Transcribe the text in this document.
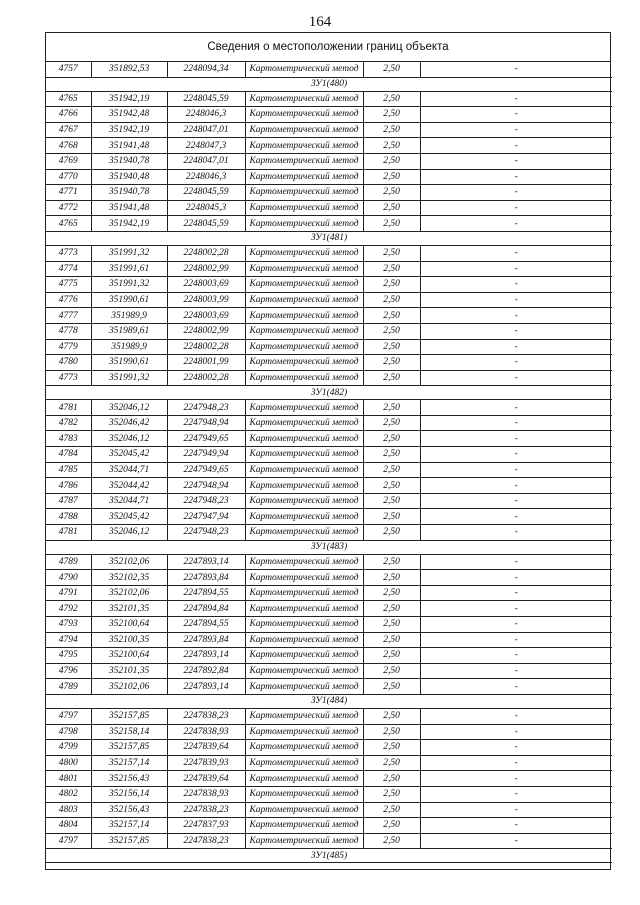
164
Сведения о местоположении границ объекта
4757	351892,53	2248094,34	Картометрический метод	2,50	-
ЗУ1(480)					
4765	351942,19	2248045,59	Картометрический метод	2,50	-
4766	351942,48	2248046,3	Картометрический метод	2,50	-
4767	351942,19	2248047,01	Картометрический метод	2,50	-
4768	351941,48	2248047,3	Картометрический метод	2,50	-
4769	351940,78	2248047,01	Картометрический метод	2,50	-
4770	351940,48	2248046,3	Картометрический метод	2,50	-
4771	351940,78	2248045,59	Картометрический метод	2,50	-
4772	351941,48	2248045,3	Картометрический метод	2,50	-
4765	351942,19	2248045,59	Картометрический метод	2,50	-
ЗУ1(481)					
4773	351991,32	2248002,28	Картометрический метод	2,50	-
4774	351991,61	2248002,99	Картометрический метод	2,50	-
4775	351991,32	2248003,69	Картометрический метод	2,50	-
4776	351990,61	2248003,99	Картометрический метод	2,50	-
4777	351989,9	2248003,69	Картометрический метод	2,50	-
4778	351989,61	2248002,99	Картометрический метод	2,50	-
4779	351989,9	2248002,28	Картометрический метод	2,50	-
4780	351990,61	2248001,99	Картометрический метод	2,50	-
4773	351991,32	2248002,28	Картометрический метод	2,50	-
ЗУ1(482)					
4781	352046,12	2247948,23	Картометрический метод	2,50	-
4782	352046,42	2247948,94	Картометрический метод	2,50	-
4783	352046,12	2247949,65	Картометрический метод	2,50	-
4784	352045,42	2247949,94	Картометрический метод	2,50	-
4785	352044,71	2247949,65	Картометрический метод	2,50	-
4786	352044,42	2247948,94	Картометрический метод	2,50	-
4787	352044,71	2247948,23	Картометрический метод	2,50	-
4788	352045,42	2247947,94	Картометрический метод	2,50	-
4781	352046,12	2247948,23	Картометрический метод	2,50	-
ЗУ1(483)					
4789	352102,06	2247893,14	Картометрический метод	2,50	-
4790	352102,35	2247893,84	Картометрический метод	2,50	-
4791	352102,06	2247894,55	Картометрический метод	2,50	-
4792	352101,35	2247894,84	Картометрический метод	2,50	-
4793	352100,64	2247894,55	Картометрический метод	2,50	-
4794	352100,35	2247893,84	Картометрический метод	2,50	-
4795	352100,64	2247893,14	Картометрический метод	2,50	-
4796	352101,35	2247892,84	Картометрический метод	2,50	-
4789	352102,06	2247893,14	Картометрический метод	2,50	-
ЗУ1(484)					
4797	352157,85	2247838,23	Картометрический метод	2,50	-
4798	352158,14	2247838,93	Картометрический метод	2,50	-
4799	352157,85	2247839,64	Картометрический метод	2,50	-
4800	352157,14	2247839,93	Картометрический метод	2,50	-
4801	352156,43	2247839,64	Картометрический метод	2,50	-
4802	352156,14	2247838,93	Картометрический метод	2,50	-
4803	352156,43	2247838,23	Картометрический метод	2,50	-
4804	352157,14	2247837,93	Картометрический метод	2,50	-
4797	352157,85	2247838,23	Картометрический метод	2,50	-
ЗУ1(485)					
